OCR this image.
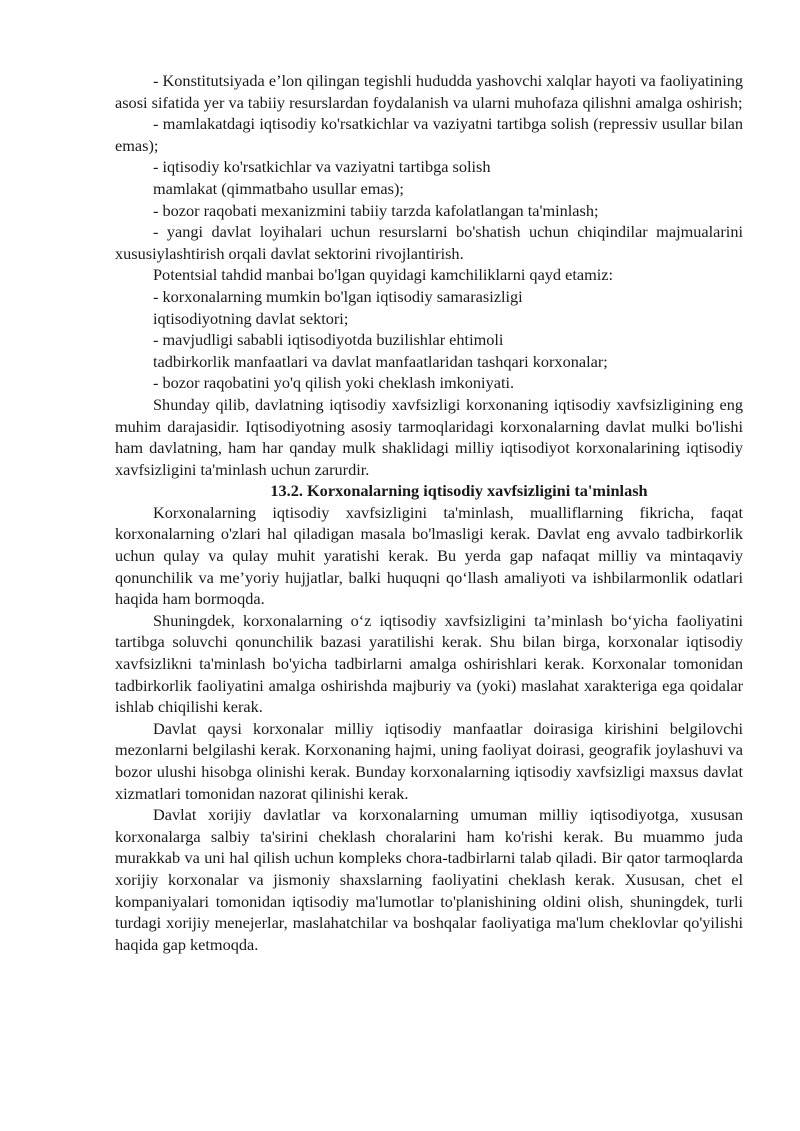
- Konstitutsiyada e’lon qilingan tegishli hududda yashovchi xalqlar hayoti va faoliyatining asosi sifatida yer va tabiiy resurslardan foydalanish va ularni muhofaza qilishni amalga oshirish;

- mamlakatdagi iqtisodiy ko'rsatkichlar va vaziyatni tartibga solish (repressiv usullar bilan emas);

- iqtisodiy ko'rsatkichlar va vaziyatni tartibga solish

mamlakat (qimmatbaho usullar emas);

- bozor raqobati mexanizmini tabiiy tarzda kafolatlangan ta'minlash;

- yangi davlat loyihalari uchun resurslarni bo'shatish uchun chiqindilar majmualarini xususiylashtirish orqali davlat sektorini rivojlantirish.

Potentsial tahdid manbai bo'lgan quyidagi kamchiliklarni qayd etamiz:

- korxonalarning mumkin bo'lgan iqtisodiy samarasizligi

iqtisodiyotning davlat sektori;

- mavjudligi sababli iqtisodiyotda buzilishlar ehtimoli

tadbirkorlik manfaatlari va davlat manfaatlaridan tashqari korxonalar;

- bozor raqobatini yo'q qilish yoki cheklash imkoniyati.

Shunday qilib, davlatning iqtisodiy xavfsizligi korxonaning iqtisodiy xavfsizligining eng muhim darajasidir. Iqtisodiyotning asosiy tarmoqlaridagi korxonalarning davlat mulki bo'lishi ham davlatning, ham har qanday mulk shaklidagi milliy iqtisodiyot korxonalarining iqtisodiy xavfsizligini ta'minlash uchun zarurdir.

13.2. Korxonalarning iqtisodiy xavfsizligini ta'minlash

Korxonalarning iqtisodiy xavfsizligini ta'minlash, mualliflarning fikricha, faqat korxonalarning o'zlari hal qiladigan masala bo'lmasligi kerak. Davlat eng avvalo tadbirkorlik uchun qulay va qulay muhit yaratishi kerak. Bu yerda gap nafaqat milliy va mintaqaviy qonunchilik va me’yoriy hujjatlar, balki huquqni qo‘llash amaliyoti va ishbilarmonlik odatlari haqida ham bormoqda.

Shuningdek, korxonalarning o‘z iqtisodiy xavfsizligini ta’minlash bo‘yicha faoliyatini tartibga soluvchi qonunchilik bazasi yaratilishi kerak. Shu bilan birga, korxonalar iqtisodiy xavfsizlikni ta'minlash bo'yicha tadbirlarni amalga oshirishlari kerak. Korxonalar tomonidan tadbirkorlik faoliyatini amalga oshirishda majburiy va (yoki) maslahat xarakteriga ega qoidalar ishlab chiqilishi kerak.

Davlat qaysi korxonalar milliy iqtisodiy manfaatlar doirasiga kirishini belgilovchi mezonlarni belgilashi kerak. Korxonaning hajmi, uning faoliyat doirasi, geografik joylashuvi va bozor ulushi hisobga olinishi kerak. Bunday korxonalarning iqtisodiy xavfsizligi maxsus davlat xizmatlari tomonidan nazorat qilinishi kerak.

Davlat xorijiy davlatlar va korxonalarning umuman milliy iqtisodiyotga, xususan korxonalarga salbiy ta'sirini cheklash choralarini ham ko'rishi kerak. Bu muammo juda murakkab va uni hal qilish uchun kompleks chora-tadbirlarni talab qiladi. Bir qator tarmoqlarda xorijiy korxonalar va jismoniy shaxslarning faoliyatini cheklash kerak. Xususan, chet el kompaniyalari tomonidan iqtisodiy ma'lumotlar to'planishining oldini olish, shuningdek, turli turdagi xorijiy menejerlar, maslahatchilar va boshqalar faoliyatiga ma'lum cheklovlar qo'yilishi haqida gap ketmoqda.
